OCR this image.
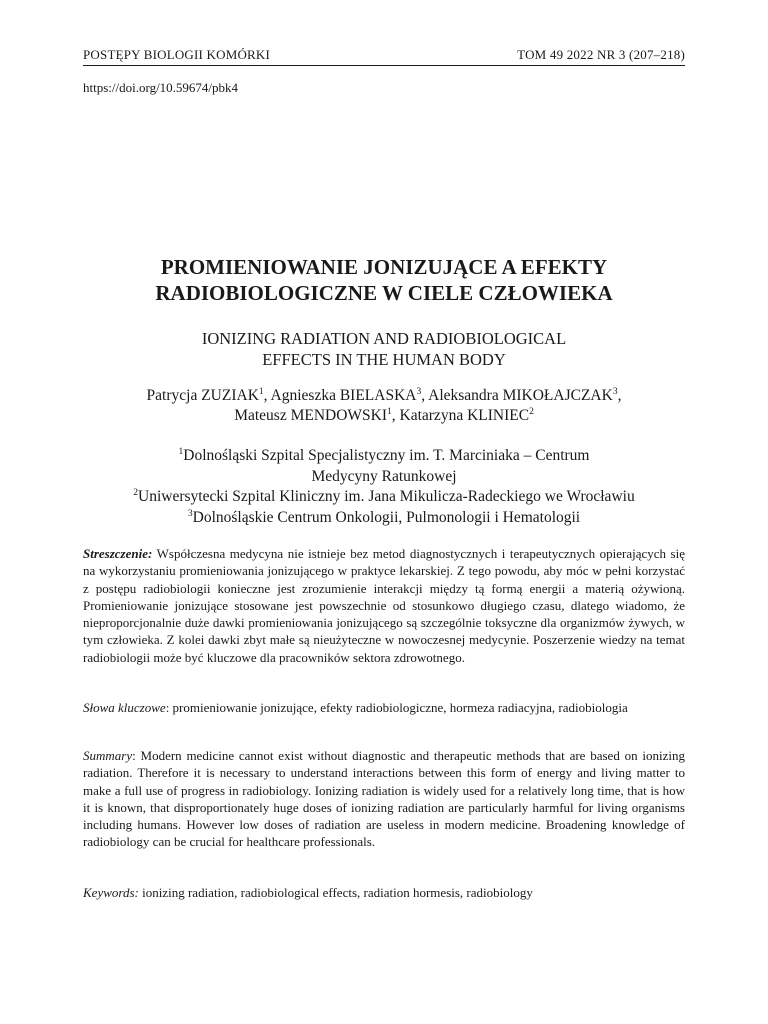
POSTĘPY BIOLOGII KOMÓRKI	TOM 49 2022 NR 3 (207–218)
https://doi.org/10.59674/pbk4
PROMIENIOWANIE JONIZUJĄCE A EFEKTY
RADIOBIOLOGICZNE W CIELE CZŁOWIEKA
IONIZING RADIATION AND RADIOBIOLOGICAL
EFFECTS IN THE HUMAN BODY
Patrycja ZUZIAK$^1$, Agnieszka BIELASKA$^3$, Aleksandra MIKOŁAJCZAK$^3$,
Mateusz MENDOWSKI$^1$, Katarzyna KLINIEC$^2$
$^1$Dolnośląski Szpital Specjalistyczny im. T. Marciniaka – Centrum
Medycyny Ratunkowej
$^2$Uniwersytecki Szpital Kliniczny im. Jana Mikulicza-Radeckiego we Wrocławiu
$^3$Dolnośląskie Centrum Onkologii, Pulmonologii i Hematologii

Streszczenie: Współczesna medycyna nie istnieje bez metod diagnostycznych i terapeutycznych opierających się na wykorzystaniu promieniowania jonizującego w praktyce lekarskiej. Z tego powodu, aby móc w pełni korzystać z postępu radiobiologii konieczne jest zrozumienie interakcji między tą formą energii a materią ożywioną. Promieniowanie jonizujące stosowane jest powszechnie od stosunkowo długiego czasu, dlatego wiadomo, że nieproporcjonalnie duże dawki promieniowania jonizującego są szczególnie toksyczne dla organizmów żywych, w tym człowieka. Z kolei dawki zbyt małe są nieużyteczne w nowoczesnej medycynie. Poszerzenie wiedzy na temat radiobiologii może być kluczowe dla pracowników sektora zdrowotnego.

Słowa kluczowe: promieniowanie jonizujące, efekty radiobiologiczne, hormeza radiacyjna, radiobiologia

Summary: Modern medicine cannot exist without diagnostic and therapeutic methods that are based on ionizing radiation. Therefore it is necessary to understand interactions between this form of energy and living matter to make a full use of progress in radiobiology. Ionizing radiation is widely used for a relatively long time, that is how it is known, that disproportionately huge doses of ionizing radiation are particularly harmful for living organisms including humans. However low doses of radiation are useless in modern medicine. Broadening knowledge of radiobiology can be crucial for healthcare professionals.

Keywords: ionizing radiation, radiobiological effects, radiation hormesis, radiobiology
